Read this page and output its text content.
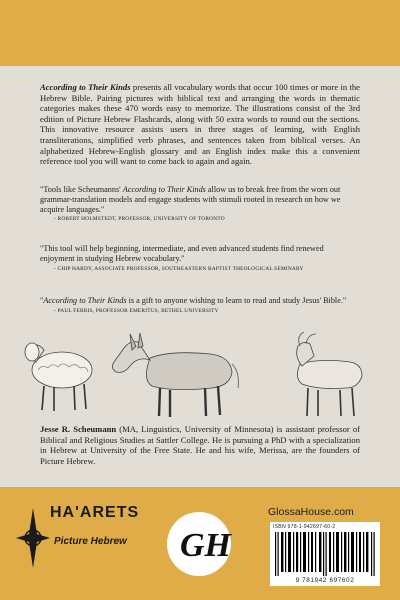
According to Their Kinds presents all vocabulary words that occur 100 times or more in the Hebrew Bible. Pairing pictures with biblical text and arranging the words in thematic categories makes these 470 words easy to memorize. The illustrations consist of the 3rd edition of Picture Hebrew Flashcards, along with 50 extra words to round out the sections. This innovative resource assists users in three stages of learning, with English transliterations, simplified verb phrases, and sentences taken from biblical verses. An alphabetized Hebrew-English glossary and an English index make this a convenient reference tool you will want to come back to again and again.

"Tools like Scheumanns' According to Their Kinds allow us to break free from the worn out grammar-translation models and engage students with stimuli rooted in research on how we acquire languages."
- ROBERT HOLMSTEDT, PROFESSOR, UNIVERSITY OF TORONTO
"This tool will help beginning, intermediate, and even advanced students find renewed enjoyment in studying Hebrew vocabulary."
- CHIP HARDY, ASSOCIATE PROFESSOR, SOUTHEASTERN BAPTIST THEOLOGICAL SEMINARY
"According to Their Kinds is a gift to anyone wishing to learn to read and study Jesus' Bible."
- PAUL FERRIS, PROFESSOR EMERITUS, BETHEL UNIVERSITY

Jesse R. Scheumann (MA, Linguistics, University of Minnesota) is assistant professor of Biblical and Religious Studies at Sattler College. He is pursuing a PhD with a specialization in Hebrew at University of the Free State. He and his wife, Merissa, are the founders of Picture Hebrew.

HA'ARETS
Picture Hebrew GH
GlossaHouse.com
ISBN 978-1-942697-60-2
9 781942 697602
